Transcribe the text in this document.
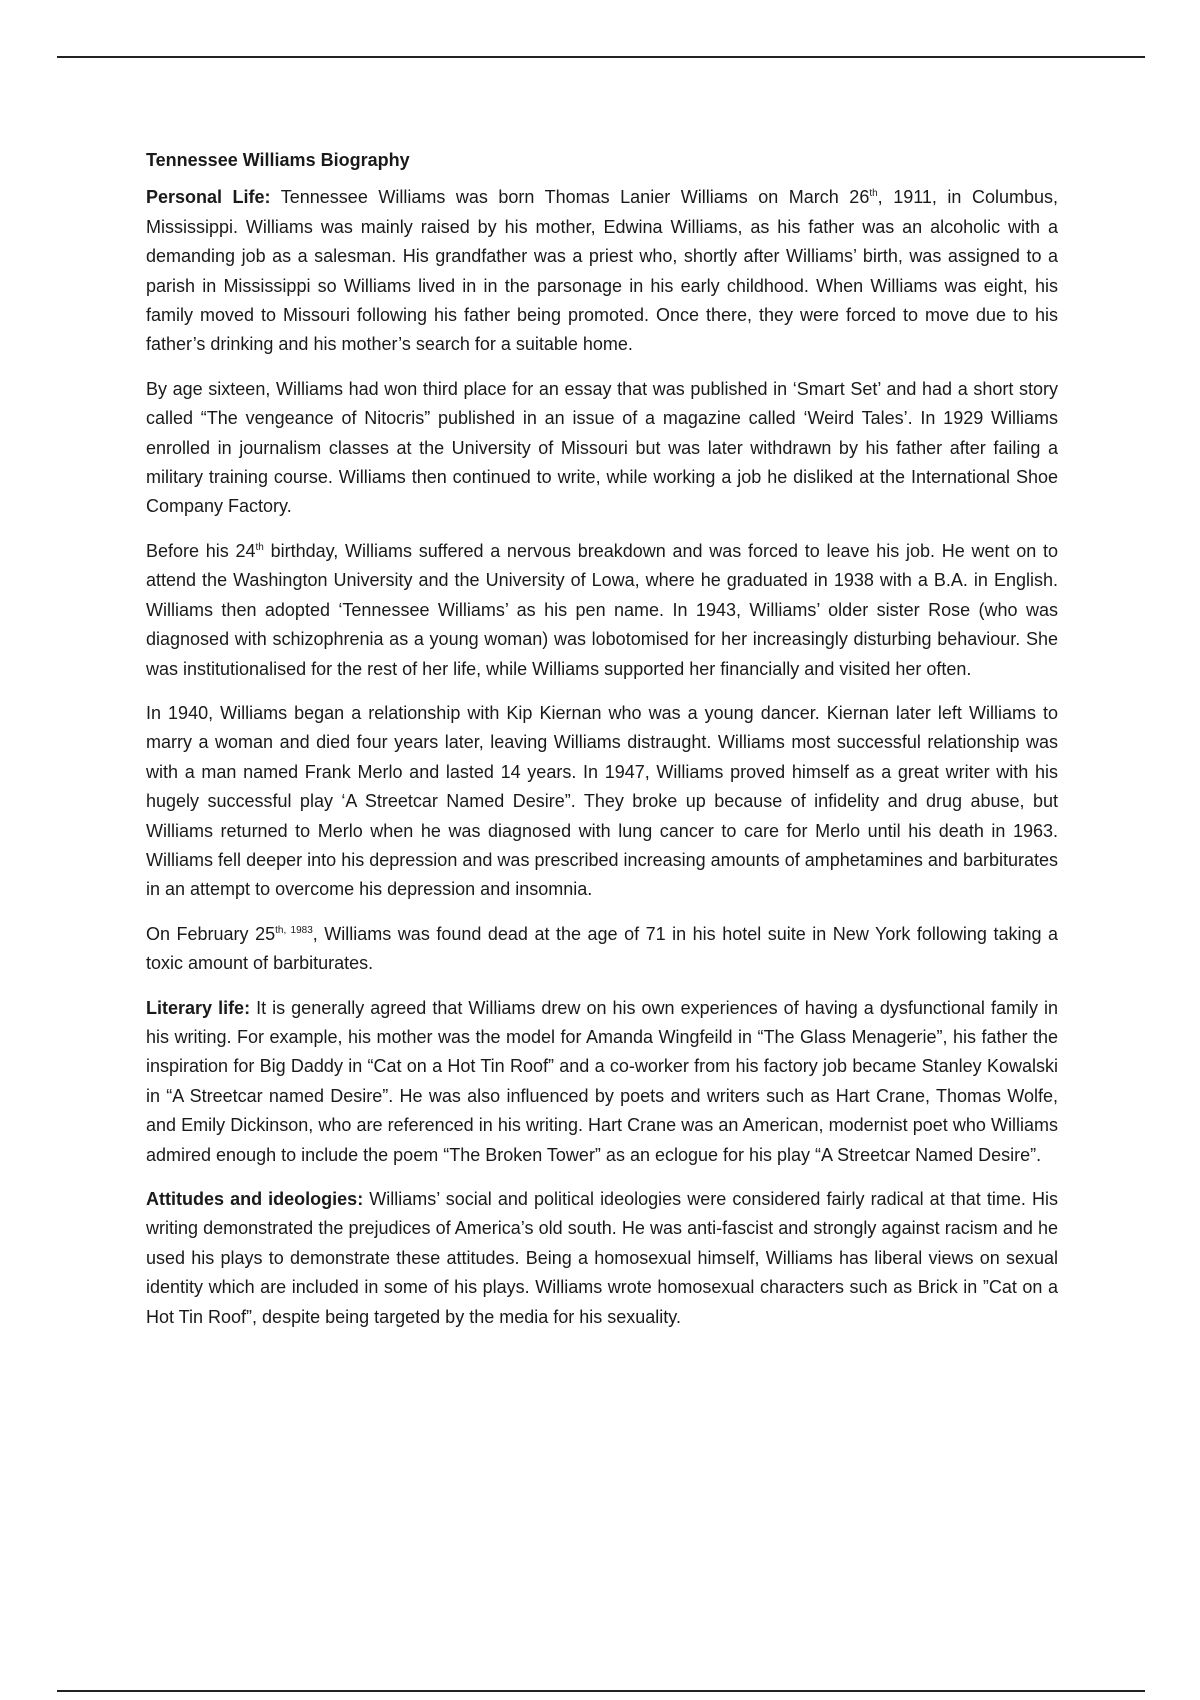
Tennessee Williams Biography

Personal Life: Tennessee Williams was born Thomas Lanier Williams on March 26th, 1911, in Columbus, Mississippi. Williams was mainly raised by his mother, Edwina Williams, as his father was an alcoholic with a demanding job as a salesman. His grandfather was a priest who, shortly after Williams’ birth, was assigned to a parish in Mississippi so Williams lived in in the parsonage in his early childhood. When Williams was eight, his family moved to Missouri following his father being promoted. Once there, they were forced to move due to his father’s drinking and his mother’s search for a suitable home.

By age sixteen, Williams had won third place for an essay that was published in ‘Smart Set’ and had a short story called “The vengeance of Nitocris” published in an issue of a magazine called ‘Weird Tales’. In 1929 Williams enrolled in journalism classes at the University of Missouri but was later withdrawn by his father after failing a military training course. Williams then continued to write, while working a job he disliked at the International Shoe Company Factory.

Before his 24th birthday, Williams suffered a nervous breakdown and was forced to leave his job. He went on to attend the Washington University and the University of Lowa, where he graduated in 1938 with a B.A. in English. Williams then adopted ‘Tennessee Williams’ as his pen name. In 1943, Williams’ older sister Rose (who was diagnosed with schizophrenia as a young woman) was lobotomised for her increasingly disturbing behaviour. She was institutionalised for the rest of her life, while Williams supported her financially and visited her often.

In 1940, Williams began a relationship with Kip Kiernan who was a young dancer. Kiernan later left Williams to marry a woman and died four years later, leaving Williams distraught. Williams most successful relationship was with a man named Frank Merlo and lasted 14 years. In 1947, Williams proved himself as a great writer with his hugely successful play ‘A Streetcar Named Desire”. They broke up because of infidelity and drug abuse, but Williams returned to Merlo when he was diagnosed with lung cancer to care for Merlo until his death in 1963. Williams fell deeper into his depression and was prescribed increasing amounts of amphetamines and barbiturates in an attempt to overcome his depression and insomnia.

On February $25^{th, 1983}$, Williams was found dead at the age of 71 in his hotel suite in New York following taking a toxic amount of barbiturates.

Literary life: It is generally agreed that Williams drew on his own experiences of having a dysfunctional family in his writing. For example, his mother was the model for Amanda Wingfeild in “The Glass Menagerie”, his father the inspiration for Big Daddy in “Cat on a Hot Tin Roof” and a co-worker from his factory job became Stanley Kowalski in “A Streetcar named Desire”. He was also influenced by poets and writers such as Hart Crane, Thomas Wolfe, and Emily Dickinson, who are referenced in his writing. Hart Crane was an American, modernist poet who Williams admired enough to include the poem “The Broken Tower” as an eclogue for his play “A Streetcar Named Desire”.

Attitudes and ideologies: Williams’ social and political ideologies were considered fairly radical at that time. His writing demonstrated the prejudices of America’s old south. He was anti-fascist and strongly against racism and he used his plays to demonstrate these attitudes. Being a homosexual himself, Williams has liberal views on sexual identity which are included in some of his plays. Williams wrote homosexual characters such as Brick in ”Cat on a Hot Tin Roof”, despite being targeted by the media for his sexuality.
